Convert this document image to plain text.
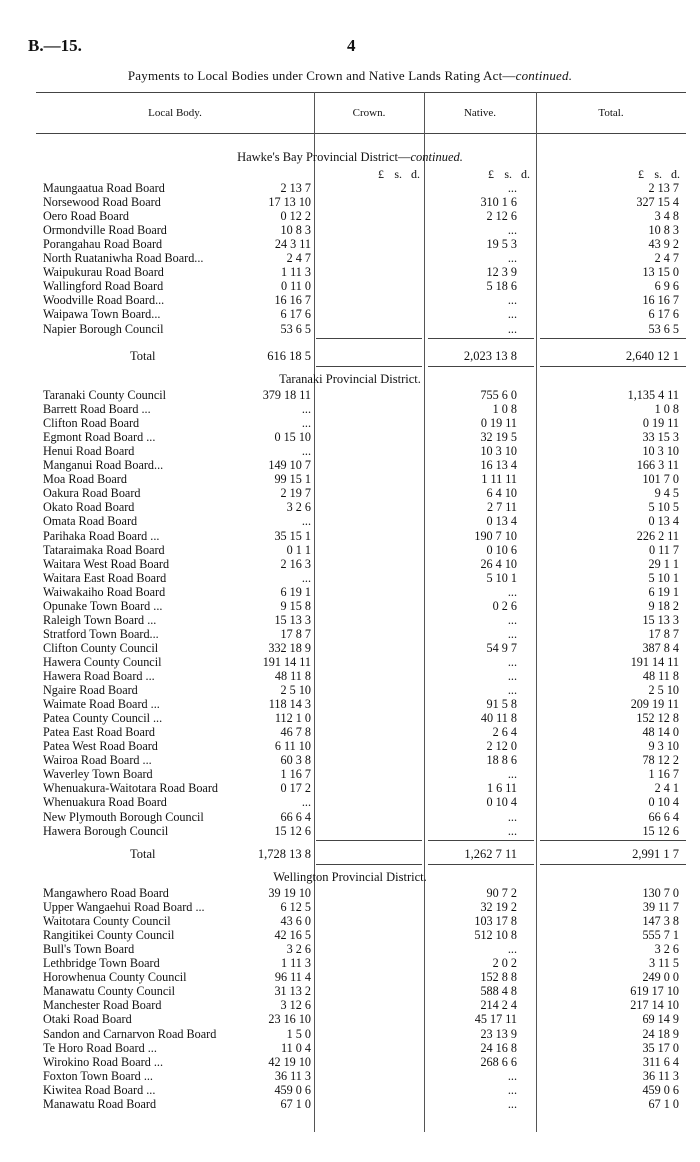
B.—15.	4
Payments to Local Bodies under Crown and Native Lands Rating Act—continued.
Local Body.	Crown.	Native.	Total.
Hawke's Bay Provincial District—continued.
£ s. d.	£ s. d.	£ s. d.
Maungaatua Road Board	2 13 7	...	2 13 7
Norsewood Road Board	17 13 10	310 1 6	327 15 4
Oero Road Board	0 12 2	2 12 6	3 4 8
Ormondville Road Board	10 8 3	...	10 8 3
Porangahau Road Board	24 3 11	19 5 3	43 9 2
North Ruataniwha Road Board...	2 4 7	...	2 4 7
Waipukurau Road Board	1 11 3	12 3 9	13 15 0
Wallingford Road Board	0 11 0	5 18 6	6 9 6
Woodville Road Board...	16 16 7	...	16 16 7
Waipawa Town Board...	6 17 6	...	6 17 6
Napier Borough Council	53 6 5	...	53 6 5
Total	616 18 5	2,023 13 8	2,640 12 1
Taranaki Provincial District.
Taranaki County Council	379 18 11	755 6 0	1,135 4 11
Barrett Road Board ...	...	1 0 8	1 0 8
Clifton Road Board	...	0 19 11	0 19 11
Egmont Road Board ...	0 15 10	32 19 5	33 15 3
Henui Road Board	...	10 3 10	10 3 10
Manganui Road Board...	149 10 7	16 13 4	166 3 11
Moa Road Board	99 15 1	1 11 11	101 7 0
Oakura Road Board	2 19 7	6 4 10	9 4 5
Okato Road Board	3 2 6	2 7 11	5 10 5
Omata Road Board	...	0 13 4	0 13 4
Parihaka Road Board ...	35 15 1	190 7 10	226 2 11
Tataraimaka Road Board	0 1 1	0 10 6	0 11 7
Waitara West Road Board	2 16 3	26 4 10	29 1 1
Waitara East Road Board	...	5 10 1	5 10 1
Waiwakaiho Road Board	6 19 1	...	6 19 1
Opunake Town Board ...	9 15 8	0 2 6	9 18 2
Raleigh Town Board ...	15 13 3	...	15 13 3
Stratford Town Board...	17 8 7	...	17 8 7
Clifton County Council	332 18 9	54 9 7	387 8 4
Hawera County Council	191 14 11	...	191 14 11
Hawera Road Board ...	48 11 8	...	48 11 8
Ngaire Road Board	2 5 10	...	2 5 10
Waimate Road Board ...	118 14 3	91 5 8	209 19 11
Patea County Council ...	112 1 0	40 11 8	152 12 8
Patea East Road Board	46 7 8	2 6 4	48 14 0
Patea West Road Board	6 11 10	2 12 0	9 3 10
Wairoa Road Board ...	60 3 8	18 8 6	78 12 2
Waverley Town Board	1 16 7	...	1 16 7
Whenuakura-Waitotara Road Board	0 17 2	1 6 11	2 4 1
Whenuakura Road Board	...	0 10 4	0 10 4
New Plymouth Borough Council	66 6 4	...	66 6 4
Hawera Borough Council	15 12 6	...	15 12 6
Total	1,728 13 8	1,262 7 11	2,991 1 7
Wellington Provincial District.
Mangawhero Road Board	39 19 10	90 7 2	130 7 0
Upper Wangaehui Road Board ...	6 12 5	32 19 2	39 11 7
Waitotara County Council	43 6 0	103 17 8	147 3 8
Rangitikei County Council	42 16 5	512 10 8	555 7 1
Bull's Town Board	3 2 6	...	3 2 6
Lethbridge Town Board	1 11 3	2 0 2	3 11 5
Horowhenua County Council	96 11 4	152 8 8	249 0 0
Manawatu County Council	31 13 2	588 4 8	619 17 10
Manchester Road Board	3 12 6	214 2 4	217 14 10
Otaki Road Board	23 16 10	45 17 11	69 14 9
Sandon and Carnarvon Road Board	1 5 0	23 13 9	24 18 9
Te Horo Road Board ...	11 0 4	24 16 8	35 17 0
Wirokino Road Board ...	42 19 10	268 6 6	311 6 4
Foxton Town Board ...	36 11 3	...	36 11 3
Kiwitea Road Board ...	459 0 6	...	459 0 6
Manawatu Road Board	67 1 0	...	67 1 0
